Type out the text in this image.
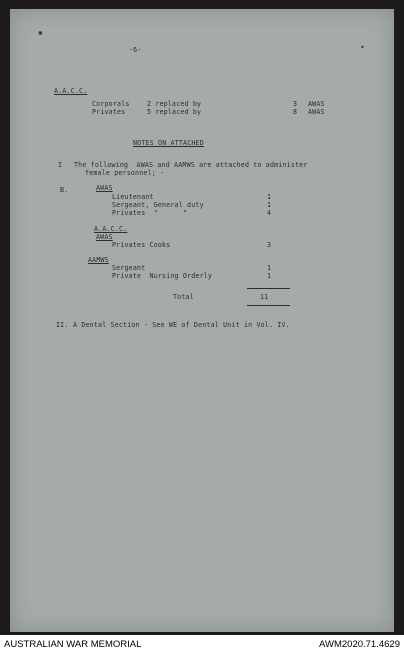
▪
•
-6-
A.A.C.C.
Corporals	2 replaced by	3 AWAS
Privates	5 replaced by	8 AWAS
NOTES ON ATTACHED
I The following  AWAS and AAMWS are attached to administer
female personnel; -
B.	AWAS
Lieutenant	1
Sergeant, General duty	1
Privates  "      "	4
A.A.C.C.
AWAS
Privates Cooks	3
AAMWS
Sergeant	1
Private  Nursing Orderly	1
Total	11
II. A Dental Section - See WE of Dental Unit in Vol. IV.
AUSTRALIAN WAR MEMORIAL	AWM2020.71.4629
